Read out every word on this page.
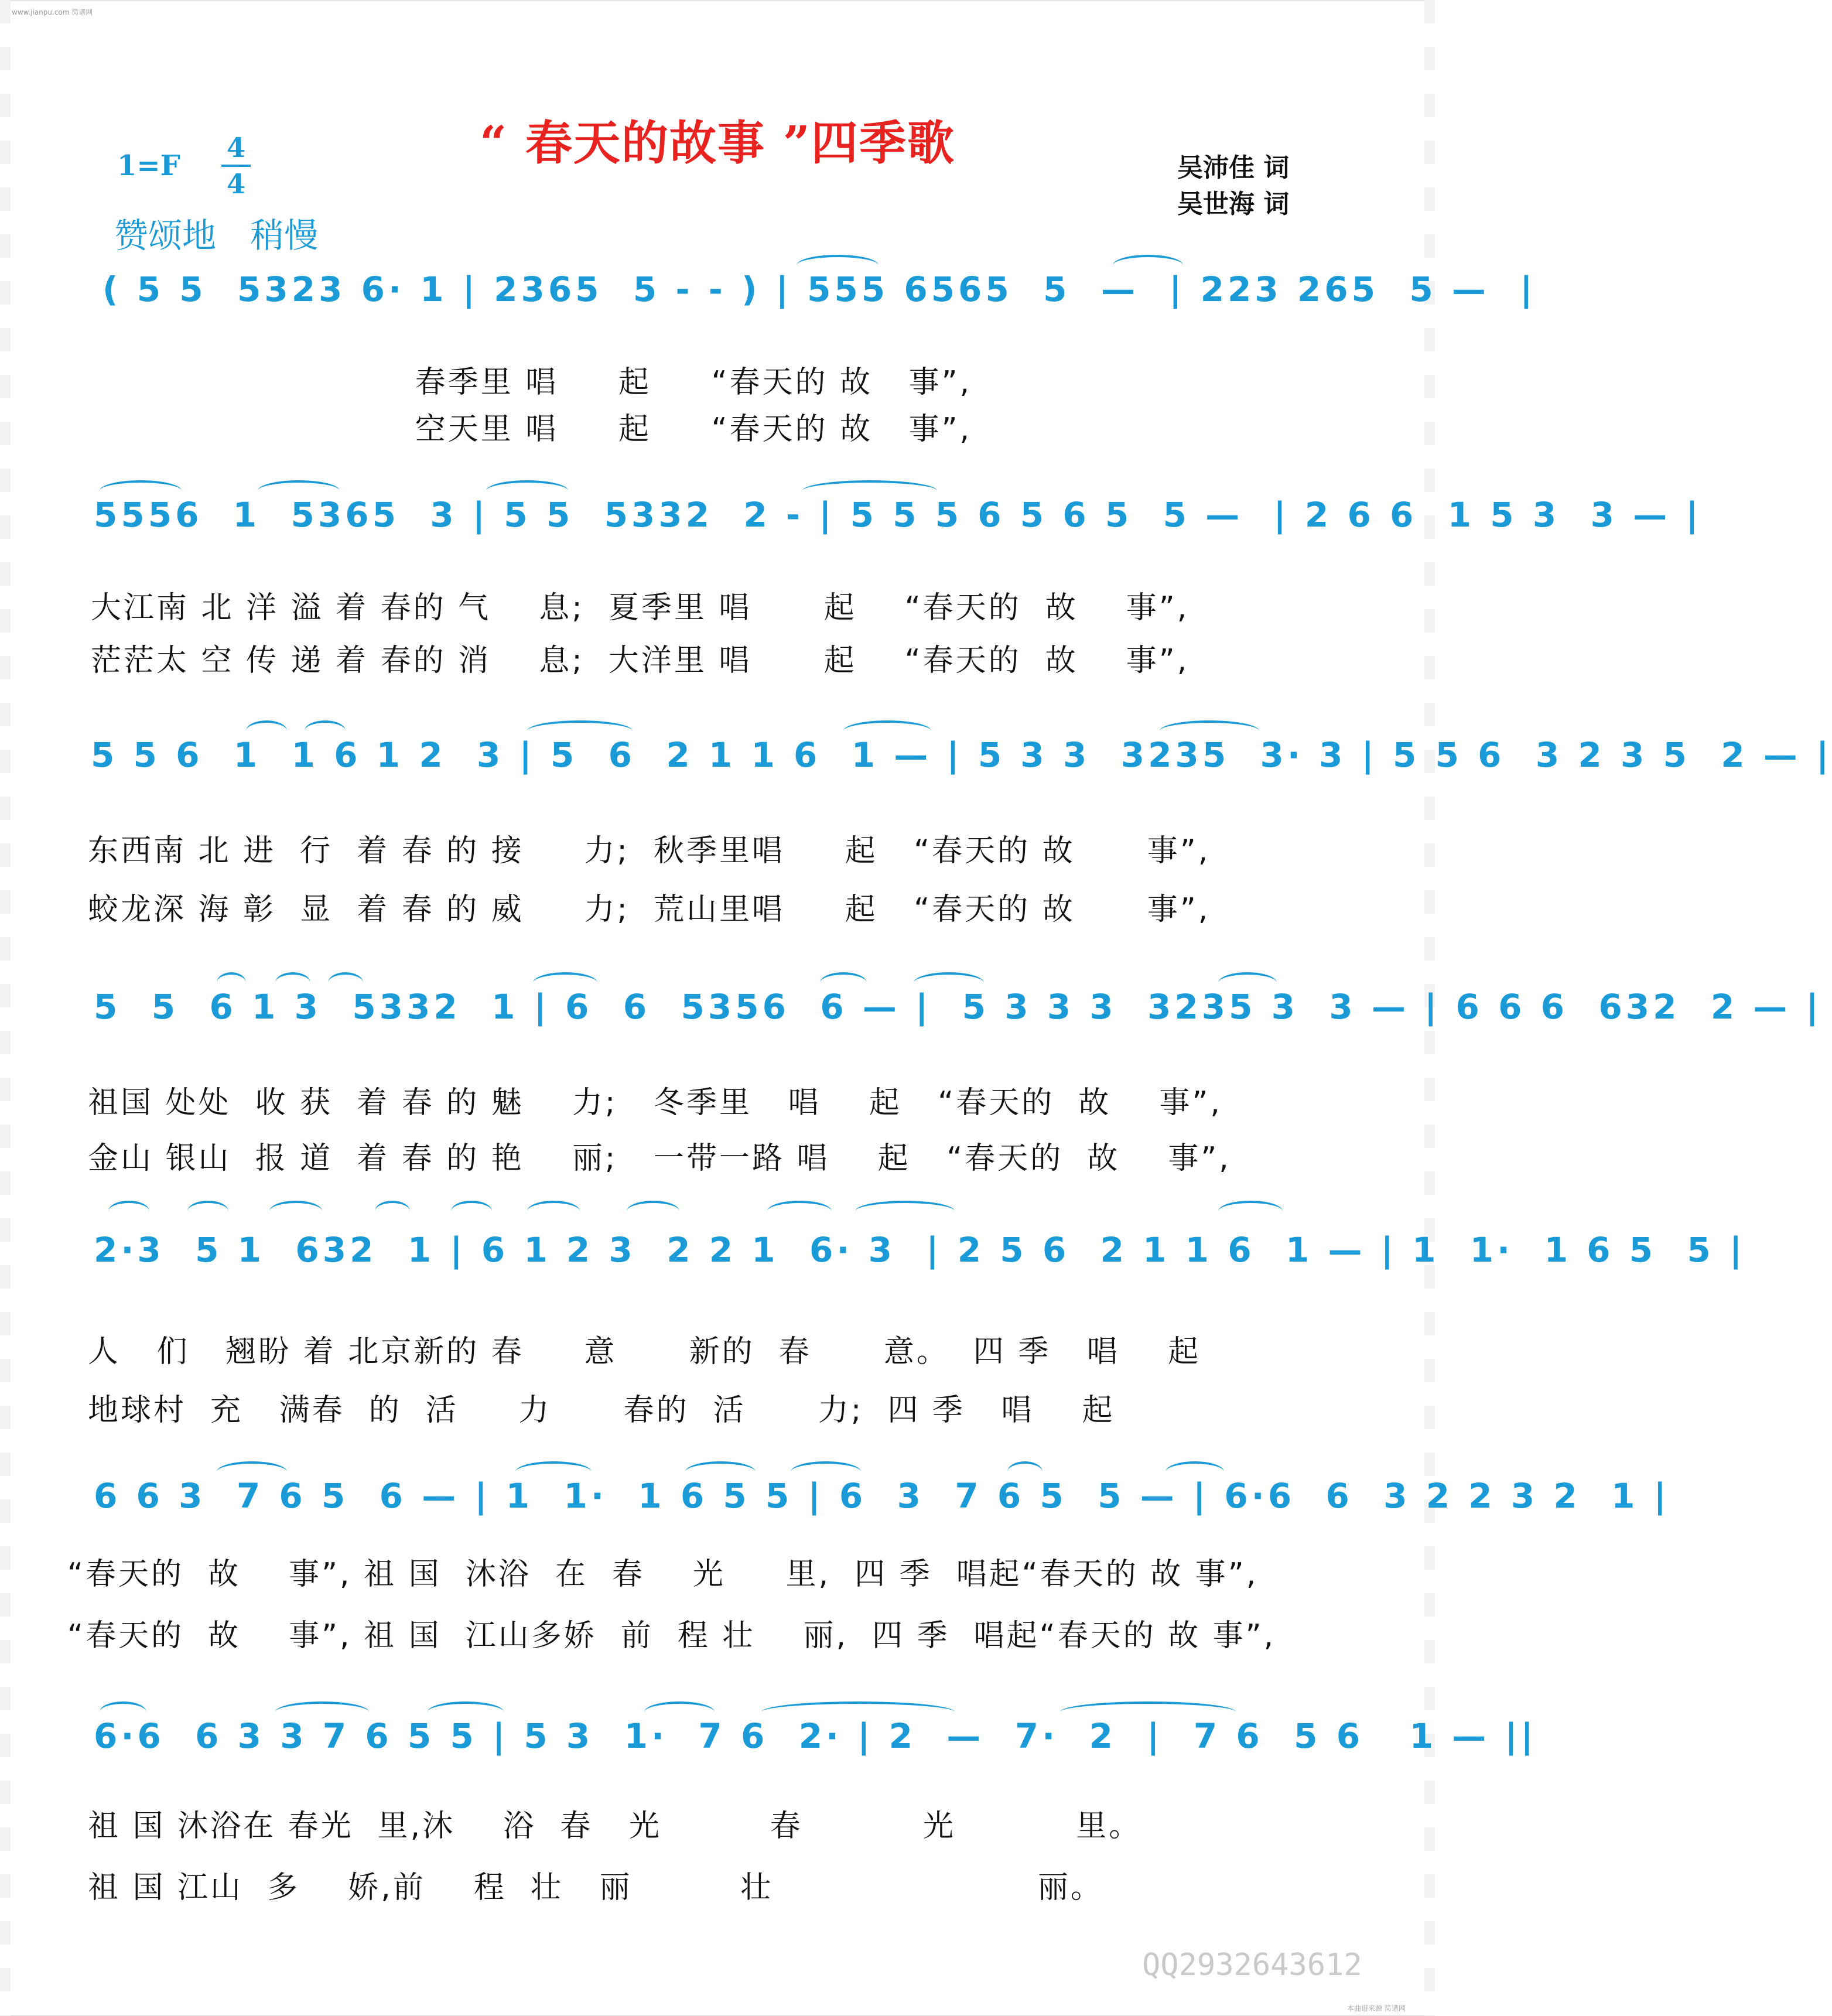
www.jianpu.com 简谱网
“ 春天的故事 ”四季歌
1=F
4
4
赞颂地 稍慢
吴沛佳 词
吴世海 词
( 5 5  5323 6· 1 | 2365  5 - - ) | 555 6565  5  —  | 223 265  5 —  |
春季里 唱     起     “春天的 故   事”,
空天里 唱     起     “春天的 故   事”,
5556  1  5365  3 | 5 5  5332  2 - | 5 5 5 6 5 6 5  5 —  | 2 6 6  1 5 3  3 — |
大江南 北 洋 溢 着 春的 气    息;  夏季里 唱      起    “春天的  故    事”,
茫茫太 空 传 递 着 春的 消    息;  大洋里 唱      起    “春天的  故    事”,
5 5 6  1  1 6 1 2  3 | 5  6  2 1 1 6  1 — | 5 3 3  3235  3· 3 | 5 5 6  3 2 3 5  2 — |
东西南 北 进  行  着 春 的 接     力;  秋季里唱     起   “春天的 故      事”,
蛟龙深 海 彰  显  着 春 的 威     力;  荒山里唱     起   “春天的 故      事”,
5  5  6 1 3  5332  1 | 6  6  5356  6 — |  5 3 3 3  3235 3  3 — | 6 6 6  632  2 — |
祖国 处处  收 获  着 春 的 魅    力;   冬季里   唱    起   “春天的  故    事”,
金山 银山  报 道  着 春 的 艳    丽;   一带一路 唱    起   “春天的  故    事”,
2·3  5 1  632  1 | 6 1 2 3  2 2 1  6· 3  | 2 5 6  2 1 1 6  1 — | 1  1·  1 6 5  5 |
人   们   翘盼 着 北京新的 春     意      新的  春      意。  四 季   唱    起
地球村  充   满春  的  活     力      春的  活      力;  四 季   唱    起
6 6 3  7 6 5  6 — | 1  1·  1 6 5 5 | 6  3  7 6 5  5 — | 6·6  6  3 2 2 3 2  1 |
“春天的  故    事”, 祖 国  沐浴  在  春    光     里,  四 季  唱起“春天的 故 事”,
“春天的  故    事”, 祖 国  江山多娇  前  程 壮    丽,  四 季  唱起“春天的 故 事”,
6·6  6 3 3 7 6 5 5 | 5 3  1·  7 6  2· | 2  —  7·  2  |  7 6  5 6   1 — ||
祖 国 沐浴在 春光  里,沐    浴  春   光         春          光          里。
祖 国 江山  多    娇,前    程  壮   丽         壮                      丽。
QQ2932643612
本曲谱来源 简谱网
